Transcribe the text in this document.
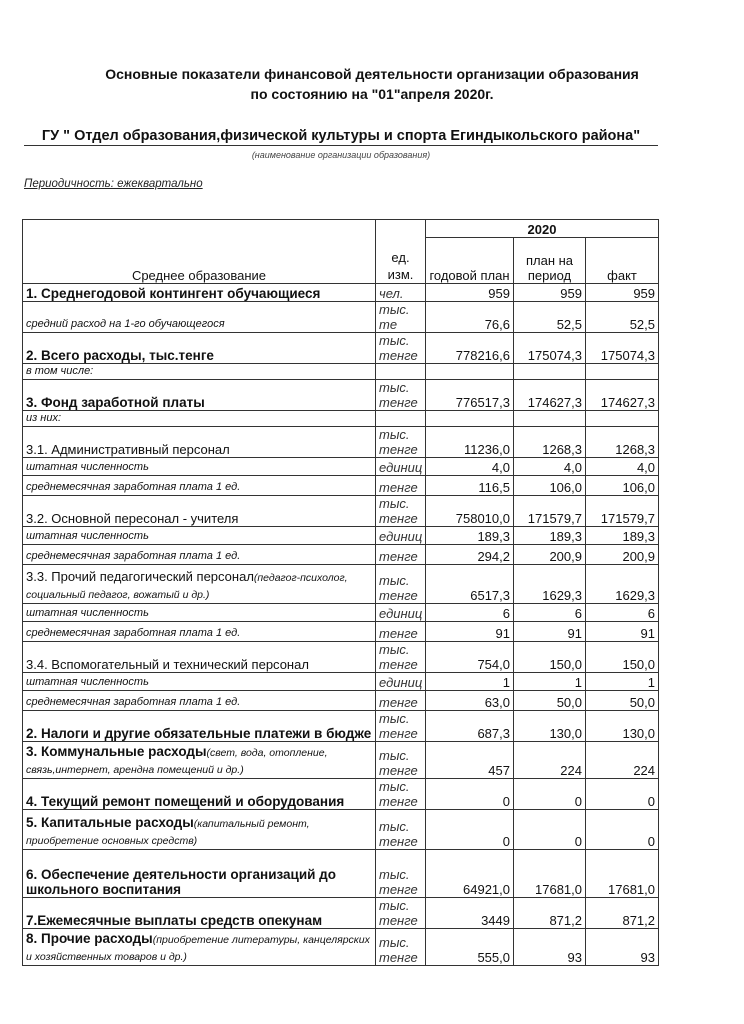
Основные показатели финансовой деятельности организации образования
по состоянию на "01"апреля 2020г.
ГУ " Отдел образования,физической культуры и спорта Егиндыкольского района"
(наименование организации образования)
Периодичность: ежеквартально
Среднее образование	ед. изм.	2020		
		годовой план	план на период	факт

1. Среднегодовой контингент обучающиеся	чел.	959	959	959

средний расход на 1-го обучающегося	тыс. те	76,6	52,5	52,5

2. Всего расходы, тыс.тенге	тыс. тенге	778216,6	175074,3	175074,3

в том числе:				

3. Фонд заработной платы	тыс. тенге	776517,3	174627,3	174627,3

из них:				

3.1. Административный персонал	тыс. тенге	11236,0	1268,3	1268,3

штатная численность	единиц	4,0	4,0	4,0

среднемесячная заработная плата 1 ед.	тенге	116,5	106,0	106,0

3.2. Основной пересонал - учителя	тыс. тенге	758010,0	171579,7	171579,7

штатная численность	единиц	189,3	189,3	189,3

среднемесячная заработная плата 1 ед.	тенге	294,2	200,9	200,9

3.3. Прочий педагогический персонал(педагог-психолог, социальный педагог, вожатый и др.)	тыс. тенге	6517,3	1629,3	1629,3

штатная численность	единиц	6	6	6

среднемесячная заработная плата 1 ед.	тенге	91	91	91

3.4. Вспомогательный и технический персонал	тыс. тенге	754,0	150,0	150,0

штатная численность	единиц	1	1	1

среднемесячная заработная плата 1 ед.	тенге	63,0	50,0	50,0

2. Налоги и другие обязательные платежи в бюдже	тыс. тенге	687,3	130,0	130,0

3. Коммунальные расходы(свет, вода, отопление, связь,интернет, арендна помещений и др.)	тыс. тенге	457	224	224

4. Текущий ремонт помещений и оборудования	тыс. тенге	0	0	0

5. Капитальные расходы(капитальный ремонт, приобретение основных средств)	тыс. тенге	0	0	0

6. Обеспечение деятельности организаций до школьного воспитания	тыс. тенге	64921,0	17681,0	17681,0

7.Ежемесячные выплаты средств опекунам	тыс. тенге	3449	871,2	871,2

8. Прочие расходы(приобретение литературы, канцелярских и хозяйственных товаров и др.)	тыс. тенге	555,0	93	93
